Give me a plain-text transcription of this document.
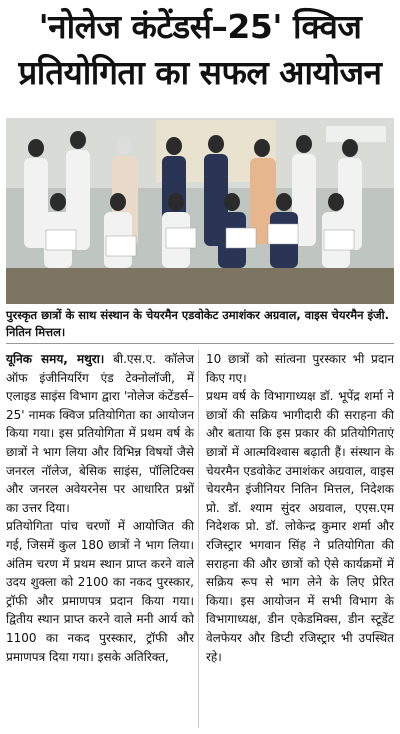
'नोलेज कंटेंडर्स–25' क्विज
प्रतियोगिता का सफल आयोजन
पुरस्कृत छात्रों के साथ संस्थान के चेयरमैन एडवोकेट उमाशंकर अग्रवाल, वाइस चेयरमैन इंजी. नितिन मित्तल।

यूनिक समय, मथुरा। बी.एस.ए. कॉलेज ऑफ इंजीनियरिंग एंड टेक्नोलॉजी, में एलाइड साइंस विभाग द्वारा 'नोलेज कंटेंडर्स–25' नामक क्विज प्रतियोगिता का आयोजन किया गया। इस प्रतियोगिता में प्रथम वर्ष के छात्रों ने भाग लिया और विभिन्न विषयों जैसे जनरल नॉलेज, बेसिक साइंस, पॉलिटिक्स और जनरल अवेयरनेस पर आधारित प्रश्नों का उत्तर दिया।

प्रतियोगिता पांच चरणों में आयोजित की गई, जिसमें कुल 180 छात्रों ने भाग लिया। अंतिम चरण में प्रथम स्थान प्राप्त करने वाले उदय शुक्ला को 2100 का नकद पुरस्कार, ट्रॉफी और प्रमाणपत्र प्रदान किया गया। द्वितीय स्थान प्राप्त करने वाले मनी आर्य को 1100 का नकद पुरस्कार, ट्रॉफी और प्रमाणपत्र दिया गया। इसके अतिरिक्त,

10 छात्रों को सांत्वना पुरस्कार भी प्रदान किए गए।

प्रथम वर्ष के विभागाध्यक्ष डॉ. भूपेंद्र शर्मा ने छात्रों की सक्रिय भागीदारी की सराहना की और बताया कि इस प्रकार की प्रतियोगिताएं छात्रों में आत्मविश्वास बढ़ाती हैं। संस्थान के चेयरमैन एडवोकेट उमाशंकर अग्रवाल, वाइस चेयरमैन इंजीनियर नितिन मित्तल, निदेशक प्रो. डॉ. श्याम सुंदर अग्रवाल, एएस.एम निदेशक प्रो. डॉ. लोकेन्द्र कुमार शर्मा और रजिस्ट्रार भगवान सिंह ने प्रतियोगिता की सराहना की और छात्रों को ऐसे कार्यक्रमों में सक्रिय रूप से भाग लेने के लिए प्रेरित किया। इस आयोजन में सभी विभाग के विभागाध्यक्ष, डीन एकेडमिक्स, डीन स्टूडेंट वेलफेयर और डिप्टी रजिस्ट्रार भी उपस्थित रहे।
